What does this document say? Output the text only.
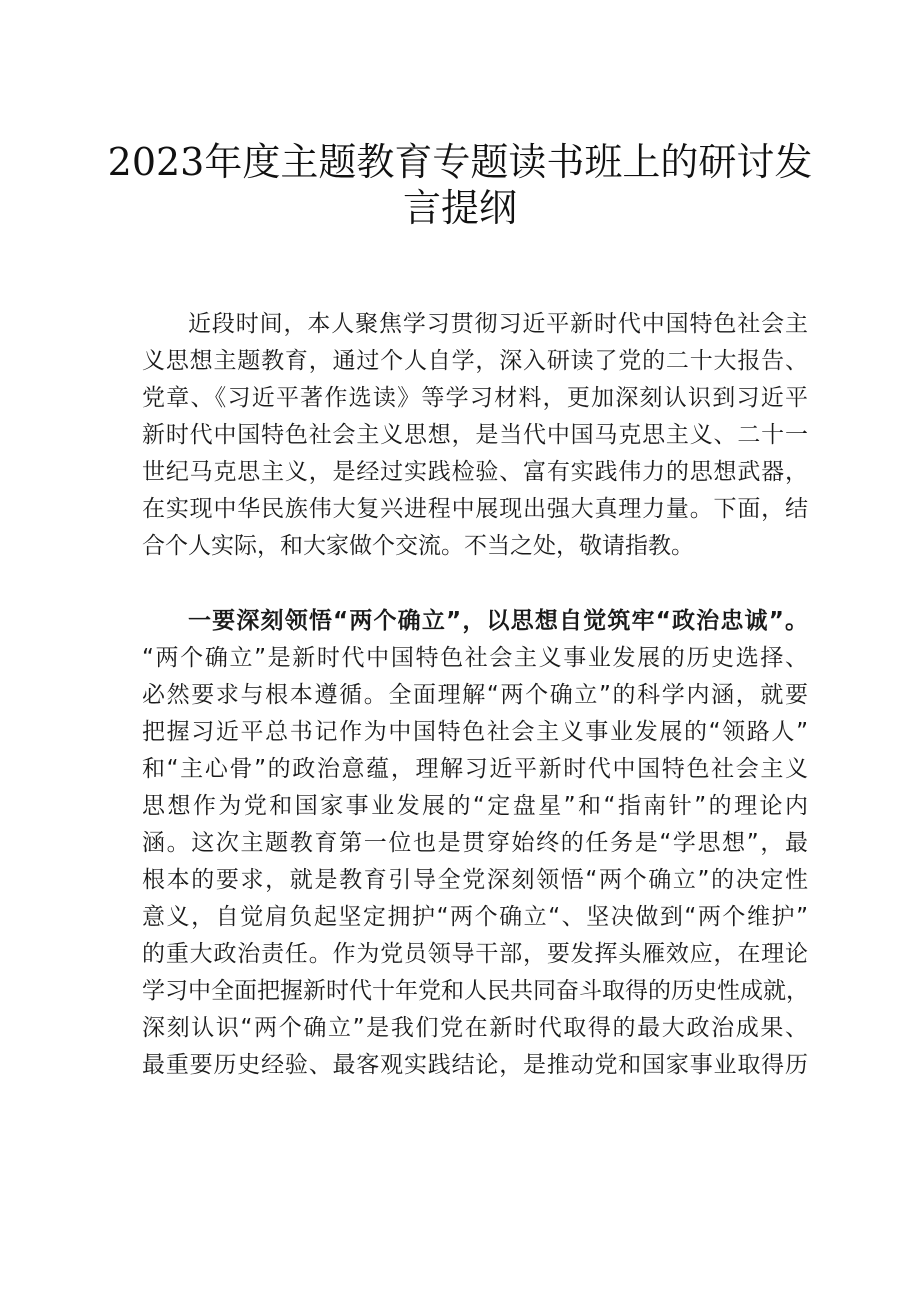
2023年度主题教育专题读书班上的研讨发
言提纲
近段时间，本人聚焦学习贯彻习近平新时代中国特色社会主
义思想主题教育，通过个人自学，深入研读了党的二十大报告、
党章、《习近平著作选读》等学习材料，更加深刻认识到习近平
新时代中国特色社会主义思想，是当代中国马克思主义、二十一
世纪马克思主义，是经过实践检验、富有实践伟力的思想武器，
在实现中华民族伟大复兴进程中展现出强大真理力量。下面，结
合个人实际，和大家做个交流。不当之处，敬请指教。
一要深刻领悟“两个确立”，以思想自觉筑牢“政治忠诚”。
“两个确立”是新时代中国特色社会主义事业发展的历史选择、
必然要求与根本遵循。全面理解“两个确立”的科学内涵，就要
把握习近平总书记作为中国特色社会主义事业发展的“领路人”
和“主心骨”的政治意蕴，理解习近平新时代中国特色社会主义
思想作为党和国家事业发展的“定盘星”和“指南针”的理论内
涵。这次主题教育第一位也是贯穿始终的任务是“学思想”，最
根本的要求，就是教育引导全党深刻领悟“两个确立”的决定性
意义，自觉肩负起坚定拥护“两个确立“、坚决做到“两个维护”
的重大政治责任。作为党员领导干部，要发挥头雁效应，在理论
学习中全面把握新时代十年党和人民共同奋斗取得的历史性成就，
深刻认识“两个确立”是我们党在新时代取得的最大政治成果、
最重要历史经验、最客观实践结论，是推动党和国家事业取得历
